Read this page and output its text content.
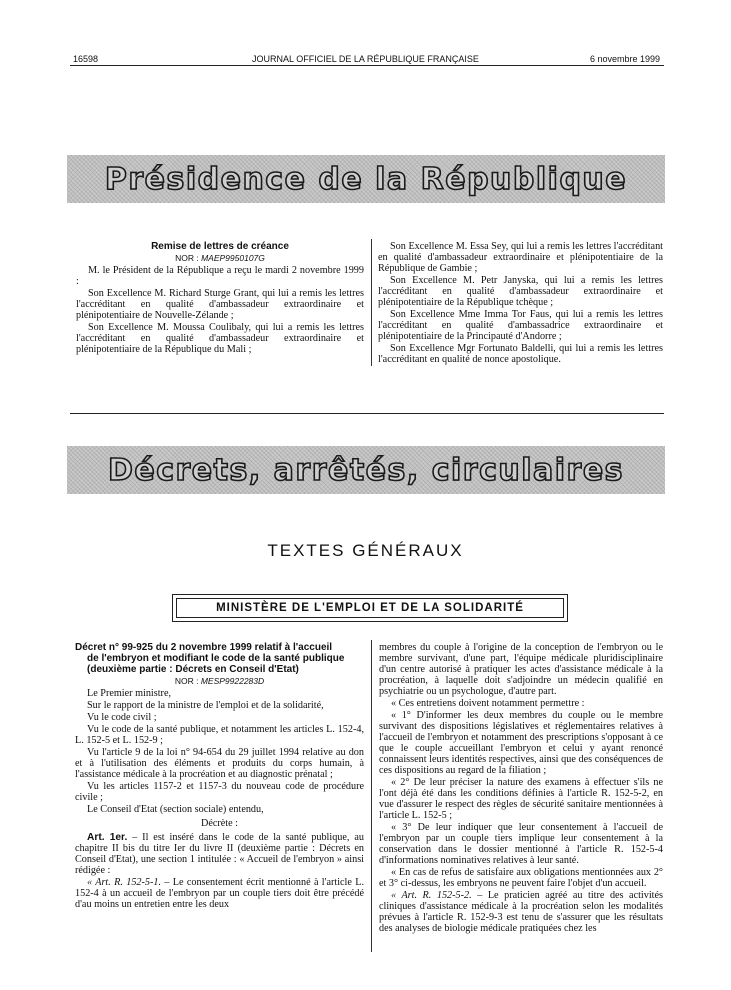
16598	JOURNAL OFFICIEL DE LA RÉPUBLIQUE FRANÇAISE	6 novembre 1999
Présidence de la République

Remise de lettres de créance

NOR : MAEP9950107G

M. le Président de la République a reçu le mardi 2 novembre 1999 :

Son Excellence M. Richard Sturge Grant, qui lui a remis les lettres l'accréditant en qualité d'ambassadeur extraordinaire et plénipotentiaire de Nouvelle-Zélande ;

Son Excellence M. Moussa Coulibaly, qui lui a remis les lettres l'accréditant en qualité d'ambassadeur extraordinaire et plénipotentiaire de la République du Mali ;

Son Excellence M. Essa Sey, qui lui a remis les lettres l'accréditant en qualité d'ambassadeur extraordinaire et plénipotentiaire de la République de Gambie ;

Son Excellence M. Petr Janyska, qui lui a remis les lettres l'accréditant en qualité d'ambassadeur extraordinaire et plénipotentiaire de la République tchèque ;

Son Excellence Mme Imma Tor Faus, qui lui a remis les lettres l'accréditant en qualité d'ambassadrice extraordinaire et plénipotentiaire de la Principauté d'Andorre ;

Son Excellence Mgr Fortunato Baldelli, qui lui a remis les lettres l'accréditant en qualité de nonce apostolique.

Décrets, arrêtés, circulaires
TEXTES GÉNÉRAUX
MINISTÈRE DE L'EMPLOI ET DE LA SOLIDARITÉ

Décret n° 99-925 du 2 novembre 1999 relatif à l'accueil
de l'embryon et modifiant le code de la santé publique (deuxième partie : Décrets en Conseil d'Etat)

NOR : MESP9922283D

Le Premier ministre,

Sur le rapport de la ministre de l'emploi et de la solidarité,

Vu le code civil ;

Vu le code de la santé publique, et notamment les articles L. 152-4, L. 152-5 et L. 152-9 ;

Vu l'article 9 de la loi n° 94-654 du 29 juillet 1994 relative au don et à l'utilisation des éléments et produits du corps humain, à l'assistance médicale à la procréation et au diagnostic prénatal ;

Vu les articles 1157-2 et 1157-3 du nouveau code de procédure civile ;

Le Conseil d'Etat (section sociale) entendu,

Décrète :

Art. 1er. – Il est inséré dans le code de la santé publique, au chapitre II bis du titre Ier du livre II (deuxième partie : Décrets en Conseil d'Etat), une section 1 intitulée : « Accueil de l'embryon » ainsi rédigée :

« Art. R. 152-5-1. – Le consentement écrit mentionné à l'article L. 152-4 à un accueil de l'embryon par un couple tiers doit être précédé d'au moins un entretien entre les deux

membres du couple à l'origine de la conception de l'embryon ou le membre survivant, d'une part, l'équipe médicale pluridisciplinaire d'un centre autorisé à pratiquer les actes d'assistance médicale à la procréation, à laquelle doit s'adjoindre un médecin qualifié en psychiatrie ou un psychologue, d'autre part.

« Ces entretiens doivent notamment permettre :

« 1° D'informer les deux membres du couple ou le membre survivant des dispositions législatives et réglementaires relatives à l'accueil de l'embryon et notamment des prescriptions s'opposant à ce que le couple accueillant l'embryon et celui y ayant renoncé connaissent leurs identités respectives, ainsi que des conséquences de ces dispositions au regard de la filiation ;

« 2° De leur préciser la nature des examens à effectuer s'ils ne l'ont déjà été dans les conditions définies à l'article R. 152-5-2, en vue d'assurer le respect des règles de sécurité sanitaire mentionnées à l'article L. 152-5 ;

« 3° De leur indiquer que leur consentement à l'accueil de l'embryon par un couple tiers implique leur consentement à la conservation dans le dossier mentionné à l'article R. 152-5-4 d'informations nominatives relatives à leur santé.

« En cas de refus de satisfaire aux obligations mentionnées aux 2° et 3° ci-dessus, les embryons ne peuvent faire l'objet d'un accueil.

« Art. R. 152-5-2. – Le praticien agréé au titre des activités cliniques d'assistance médicale à la procréation selon les modalités prévues à l'article R. 152-9-3 est tenu de s'assurer que les résultats des analyses de biologie médicale pratiquées chez les
